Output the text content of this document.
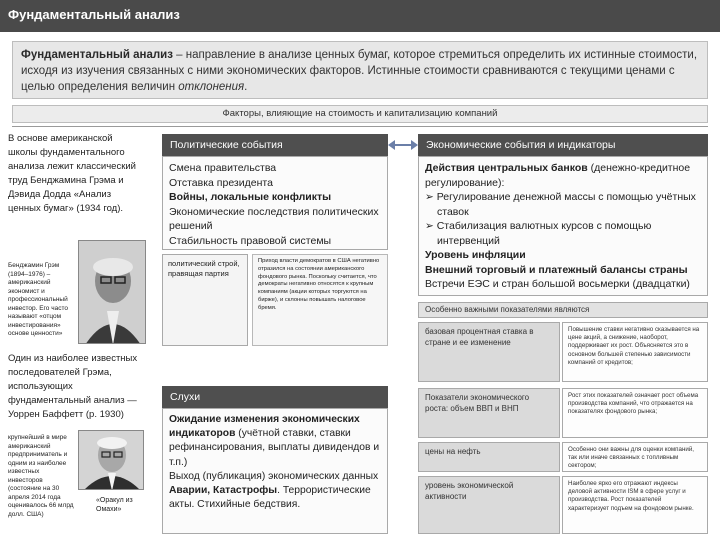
Фундаментальный анализ

Фундаментальный анализ – направление в анализе ценных бумаг, которое стремиться определить их истинные стоимости, исходя из изучения связанных с ними экономических факторов. Истинные стоимости сравниваются с текущими ценами с целью определения величин отклонения.

Факторы, влияющие на стоимость и капитализацию компаний
В основе американской школы фундаментального анализа лежит классический труд Бенджамина Грэма и Дэвида Додда «Анализ ценных бумаг» (1934 год).
Бенджамин Грэм (1894–1976) – американский экономист и профессиональный инвестор. Его часто называют «отцом инвестирования» основе ценности»
Один из наиболее известных последователей Грэма, использующих фундаментальный анализ — Уоррен Баффетт (р. 1930)
крупнейший в мире американский предприниматель и одним из наиболее известных инвесторов (состояние на 30 апреля 2014 года оценивалось 66 млрд долл. США)
«Оракул из Омахи»
Политические события
Смена правительства
Отставка президента
Войны, локальные конфликты
Экономические последствия политических решений
Стабильность правовой системы
политический строй, правящая партия
Приход власти демократов в США негативно отразился на состоянии американского фондового рынка. Поскольку считается, что демократы негативно относятся к крупным компаниям (акции которых торгуются на бирже), и склонны повышать налоговое бремя.
Слухи
Ожидание изменения экономических индикаторов (учётной ставки, ставки рефинансирования, выплаты дивидендов и т.п.)
Выход (публикация) экономических данных
Аварии, Катастрофы. Террористические акты. Стихийные бедствия.
Экономические события и индикаторы
Действия центральных банков (денежно-кредитное регулирование):
➢ Регулирование денежной массы с помощью учётных ставок
➢ Стабилизация валютных курсов с помощью интервенций
Уровень инфляции
Внешний торговый и платежный балансы страны
Встречи ЕЭС и стран большой восьмерки (двадцатки)
Особенно важными показателями являются
базовая процентная ставка в стране и ее изменение
Повышение ставки негативно сказывается на цене акций, а снижение, наоборот, поддерживает их рост. Объясняется это в основном большей степенью зависимости компаний от кредитов;
Показатели экономического роста: объем ВВП и ВНП
Рост этих показателей означает рост объема производства компаний, что отражается на показателях фондового рынка;
цены на нефть	Особенно они важны для оценки компаний, так или иначе связанных с топливным сектором;
уровень экономической активности
Наиболее ярко его отражают индексы деловой активности ISM в сфере услуг и производства. Рост показателей характеризует подъем на фондовом рынке.
